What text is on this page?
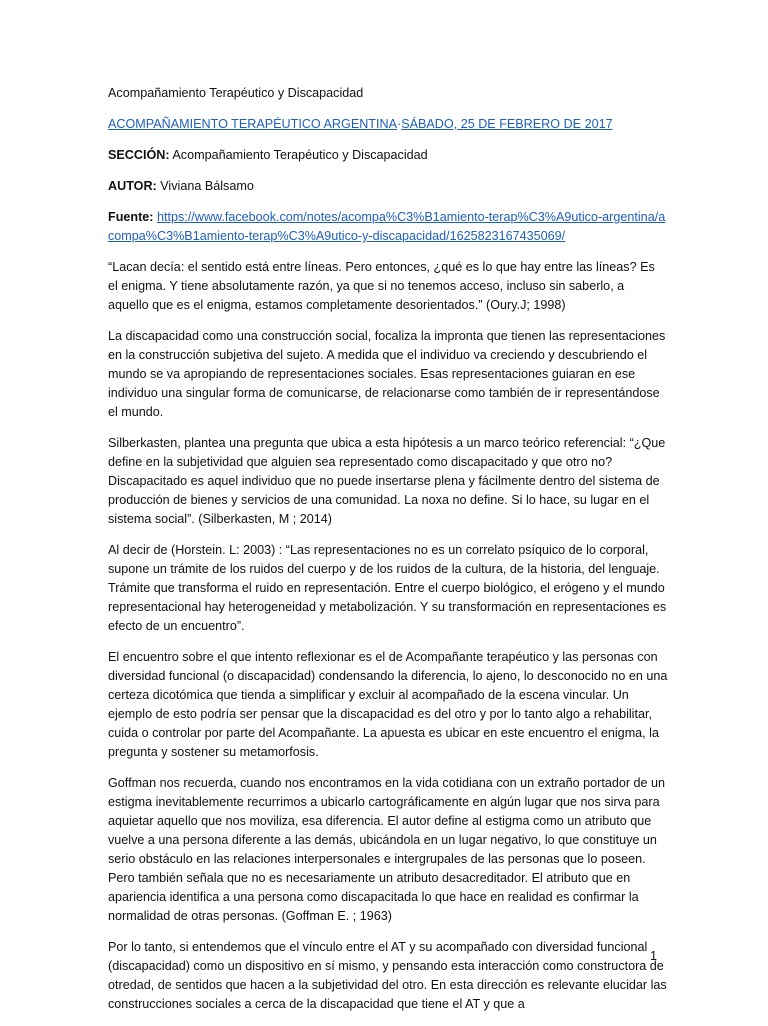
Acompañamiento Terapéutico y Discapacidad
ACOMPAÑAMIENTO TERAPÉUTICO ARGENTINA·SÁBADO, 25 DE FEBRERO DE 2017
SECCIÓN: Acompañamiento Terapéutico y Discapacidad
AUTOR: Viviana Bálsamo
Fuente: https://www.facebook.com/notes/acompa%C3%B1amiento-terap%C3%A9utico-argentina/acompa%C3%B1amiento-terap%C3%A9utico-y-discapacidad/1625823167435069/

“Lacan decía: el sentido está entre líneas. Pero entonces, ¿qué es lo que hay entre las líneas? Es el enigma. Y tiene absolutamente razón, ya que si no tenemos acceso, incluso sin saberlo, a aquello que es el enigma, estamos completamente desorientados.” (Oury.J; 1998)

La discapacidad como una construcción social, focaliza la impronta que tienen las representaciones en la construcción subjetiva del sujeto. A medida que el individuo va creciendo y descubriendo el mundo se va apropiando de representaciones sociales. Esas representaciones guiaran en ese individuo una singular forma de comunicarse, de relacionarse como también de ir representándose el mundo.

Silberkasten, plantea una pregunta que ubica a esta hipótesis a un marco teórico referencial: “¿Que define en la subjetividad que alguien sea representado como discapacitado y que otro no? Discapacitado es aquel individuo que no puede insertarse plena y fácilmente dentro del sistema de producción de bienes y servicios de una comunidad. La noxa no define. Si lo hace, su lugar en el sistema social”. (Silberkasten, M ; 2014)

Al decir de (Horstein. L: 2003) : “Las representaciones no es un correlato psíquico de lo corporal, supone un trámite de los ruidos del cuerpo y de los ruidos de la cultura, de la historia, del lenguaje. Trámite que transforma el ruido en representación. Entre el cuerpo biológico, el erógeno y el mundo representacional hay heterogeneidad y metabolización. Y su transformación en representaciones es efecto de un encuentro”.

El encuentro sobre el que intento reflexionar es el de Acompañante terapéutico y las personas con diversidad funcional (o discapacidad) condensando la diferencia, lo ajeno, lo desconocido no en una certeza dicotómica que tienda a simplificar y excluir al acompañado de la escena vincular. Un ejemplo de esto podría ser pensar que la discapacidad es del otro y por lo tanto algo a rehabilitar, cuida o controlar por parte del Acompañante. La apuesta es ubicar en este encuentro el enigma, la pregunta y sostener su metamorfosis.

Goffman nos recuerda, cuando nos encontramos en la vida cotidiana con un extraño portador de un estigma inevitablemente recurrimos a ubicarlo cartográficamente en algún lugar que nos sirva para aquietar aquello que nos moviliza, esa diferencia. El autor define al estigma como un atributo que vuelve a una persona diferente a las demás, ubicándola en un lugar negativo, lo que constituye un serio obstáculo en las relaciones interpersonales e intergrupales de las personas que lo poseen. Pero también señala que no es necesariamente un atributo desacreditador. El atributo que en apariencia identifica a una persona como discapacitada lo que hace en realidad es confirmar la normalidad de otras personas. (Goffman E. ; 1963)

Por lo tanto, si entendemos que el vínculo entre el AT y su acompañado con diversidad funcional (discapacidad) como un dispositivo en sí mismo, y pensando esta interacción como constructora de otredad, de sentidos que hacen a la subjetividad del otro. En esta dirección es relevante elucidar las construcciones sociales a cerca de la discapacidad que tiene el AT y que a

1
